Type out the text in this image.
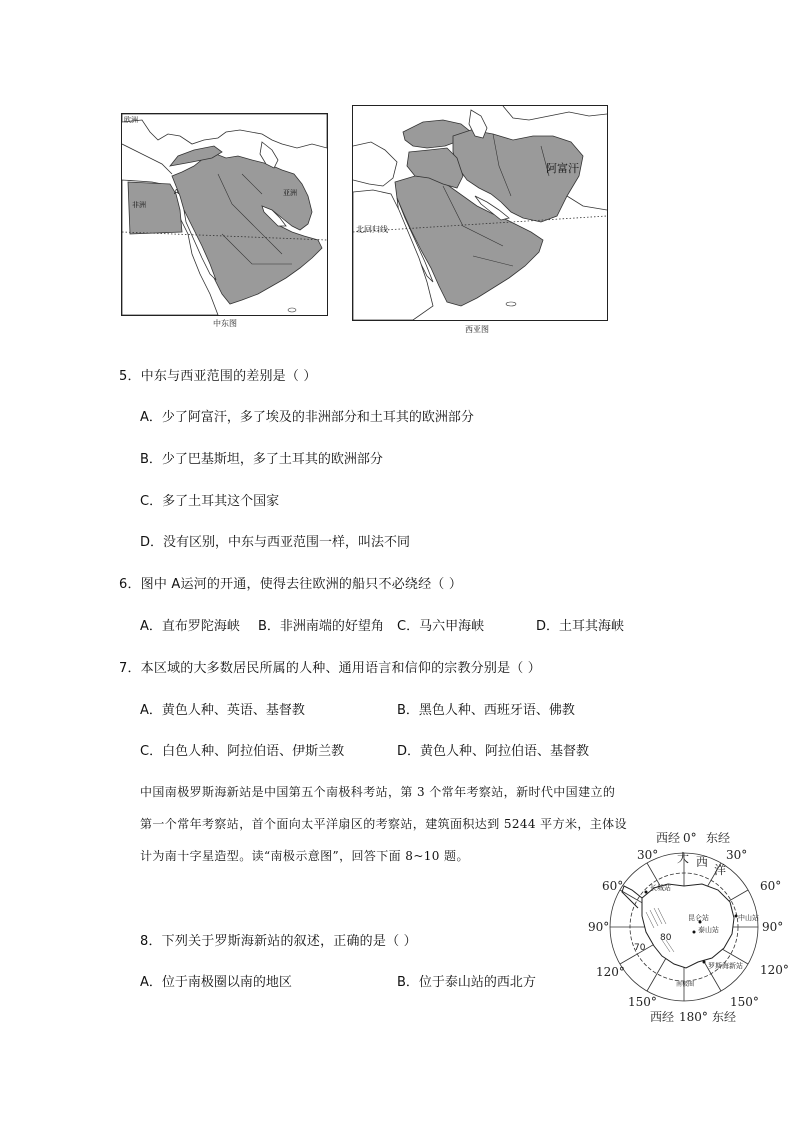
欧洲
非洲
亚洲
A
中东图
阿富汗
北回归线
西亚图
5．中东与西亚范围的差别是（ ）
A．少了阿富汗，多了埃及的非洲部分和土耳其的欧洲部分
B．少了巴基斯坦，多了土耳其的欧洲部分
C．多了土耳其这个国家
D．没有区别，中东与西亚范围一样，叫法不同
6．图中 A运河的开通，使得去往欧洲的船只不必绕经（ ）
A．直布罗陀海峡 B．非洲南端的好望角 C．马六甲海峡	D．土耳其海峡
7．本区域的大多数居民所属的人种、通用语言和信仰的宗教分别是（ ）
A．黄色人种、英语、基督教	B．黑色人种、西班牙语、佛教
C．白色人种、阿拉伯语、伊斯兰教	D．黄色人种、阿拉伯语、基督教
中国南极罗斯海新站是中国第五个南极科考站，第 3 个常年考察站，新时代中国建立的
第一个常年考察站，首个面向太平洋扇区的考察站，建筑面积达到 5244 平方米，主体设
计为南十字星造型。读“南极示意图”，回答下面 8~10 题。
8．下列关于罗斯海新站的叙述，正确的是（ ）
A．位于南极圈以南的地区	B．位于泰山站的西北方
西经 0° 东经
30°	30°
60°	60°
90°	90°
120°	120°
150°	150°
西经 180° 东经
大 西
洋
70
80
长城站
昆仑站	中山站
泰山站
罗斯海新站
南极圈
